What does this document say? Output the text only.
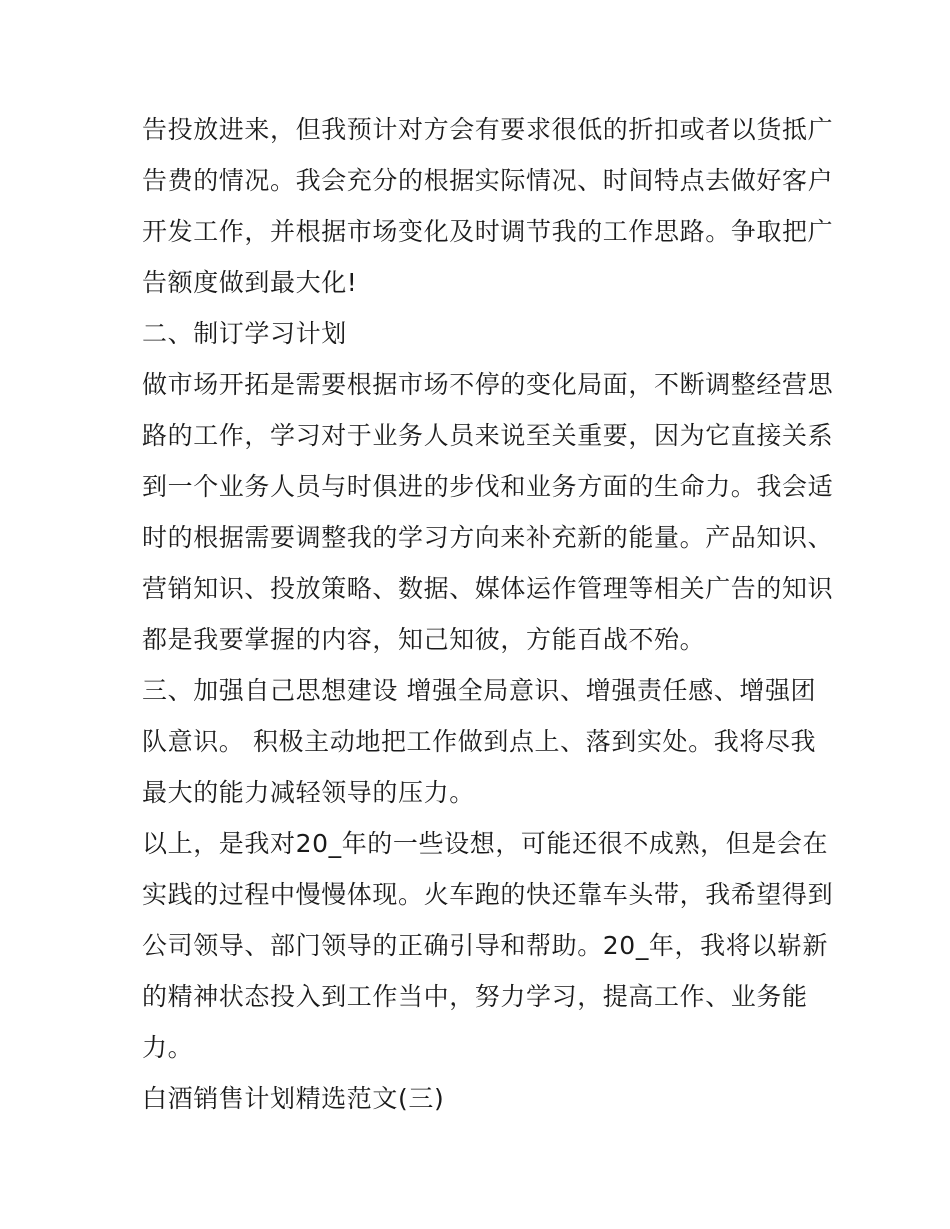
告投放进来，但我预计对方会有要求很低的折扣或者以货抵广
告费的情况。我会充分的根据实际情况、时间特点去做好客户
开发工作，并根据市场变化及时调节我的工作思路。争取把广
告额度做到最大化!
二、制订学习计划
做市场开拓是需要根据市场不停的变化局面，不断调整经营思
路的工作，学习对于业务人员来说至关重要，因为它直接关系
到一个业务人员与时俱进的步伐和业务方面的生命力。我会适
时的根据需要调整我的学习方向来补充新的能量。产品知识、
营销知识、投放策略、数据、媒体运作管理等相关广告的知识
都是我要掌握的内容，知己知彼，方能百战不殆。
三、加强自己思想建设 增强全局意识、增强责任感、增强团
队意识。 积极主动地把工作做到点上、落到实处。我将尽我
最大的能力减轻领导的压力。
以上，是我对20_年的一些设想，可能还很不成熟，但是会在
实践的过程中慢慢体现。火车跑的快还靠车头带，我希望得到
公司领导、部门领导的正确引导和帮助。20_年，我将以崭新
的精神状态投入到工作当中，努力学习，提高工作、业务能
力。
白酒销售计划精选范文(三)
